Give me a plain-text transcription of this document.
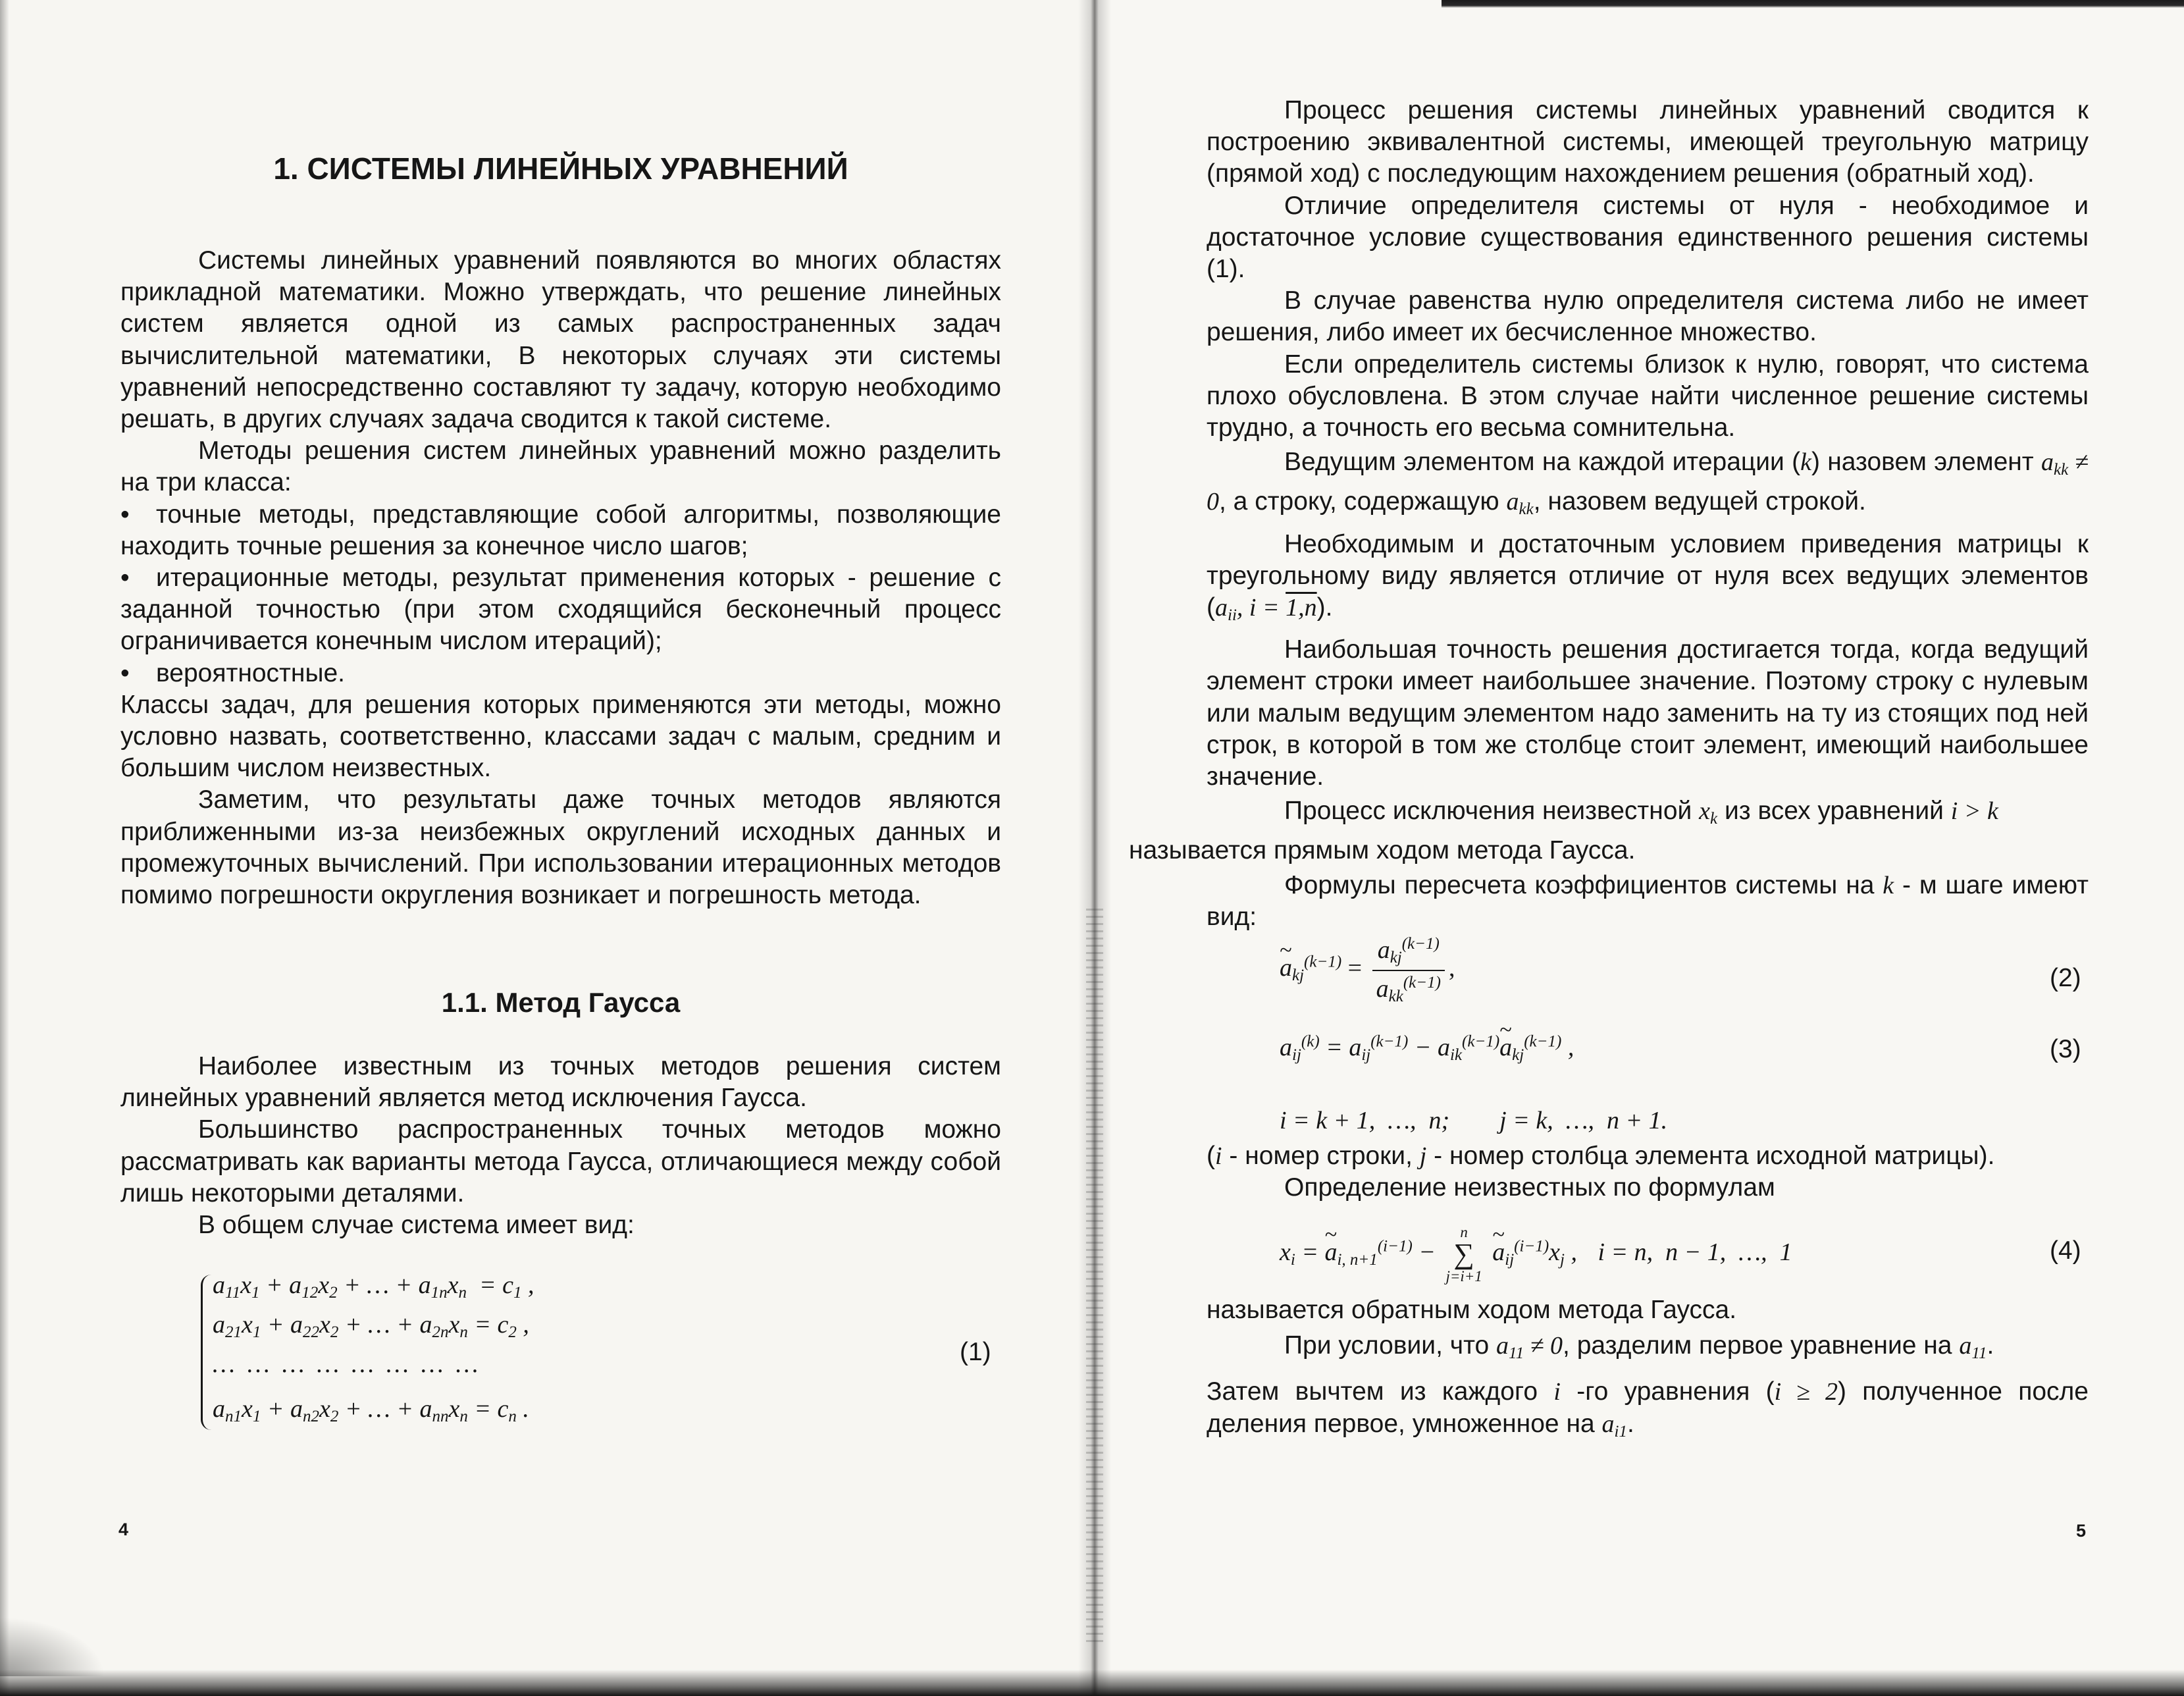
1. СИСТЕМЫ ЛИНЕЙНЫХ УРАВНЕНИЙ

Системы линейных уравнений появляются во многих областях прикладной математики. Можно утверждать, что решение линейных систем является одной из самых распространенных задач вычислительной математики, В некоторых случаях эти системы уравнений непосредственно составляют ту задачу, которую необходимо решать, в других случаях задача сводится к такой системе.

Методы решения систем линейных уравнений можно разделить на три класса:

• точные методы, представляющие собой алгоритмы, позволяющие находить точные решения за конечное число шагов;

• итерационные методы, результат применения которых - решение с заданной точностью (при этом сходящийся бесконечный процесс ограничивается конечным числом итераций);

• вероятностные.

Классы задач, для решения которых применяются эти методы, можно условно назвать, соответственно, классами задач с малым, средним и большим числом неизвестных.

Заметим, что результаты даже точных методов являются приближенными из-за неизбежных округлений исходных данных и промежуточных вычислений. При использовании итерационных методов помимо погрешности округления возникает и погрешность метода.

1.1. Метод Гаусса

Наиболее известным из точных методов решения систем линейных уравнений является метод исключения Гаусса.

Большинство распространенных точных методов можно рассматривать как варианты метода Гаусса, отличающиеся между собой лишь некоторыми деталями.

В общем случае система имеет вид:

$a_{11}x_1 + a_{12}x_2$ + … + $a_{1n}x_n = c_1$ ,
$a_{21}x_1 + a_{22}x_2$ + … + $a_{2n}x_n = c_2$ ,
…  …  …  …  …  …  …  …
$a_{n1}x_1 + a_{n2}x_2$ + … + $a_{nn}x_n = c_n$ .
(1)
4

Процесс решения системы линейных уравнений сводится к построению эквивалентной системы, имеющей треугольную матрицу (прямой ход) с последующим нахождением решения (обратный ход).

Отличие определителя системы от нуля - необходимое и достаточное условие существования единственного решения системы (1).

В случае равенства нулю определителя система либо не имеет решения, либо имеет их бесчисленное множество.

Если определитель системы близок к нулю, говорят, что система плохо обусловлена. В этом случае найти численное решение системы трудно, а точность его весьма сомнительна.

Ведущим элементом на каждой итерации (k) назовем элемент $a_{kk} \ne 0$, а строку, содержащую $a_{kk}$, назовем ведущей строкой.

Необходимым и достаточным условием приведения матрицы к треугольному виду является отличие от нуля всех ведущих элементов ($a_{ii}$, i = 1,n).

Наибольшая точность решения достигается тогда, когда ведущий элемент строки имеет наибольшее значение. Поэтому строку с нулевым или малым ведущим элементом надо заменить на ту из стоящих под ней строк, в которой в том же столбце стоит элемент, имеющий наибольшее значение.

Процесс исключения неизвестной $x_k$ из всех уравнений i > k
называется прямым ходом метода Гаусса.

Формулы пересчета коэффициентов системы на k - м шаге имеют вид:

~ $a_{kj}^{(k-1)} = \frac{a_{kj}^{(k-1)}}{a_{kk}^{(k-1)}}$ ,	(2)
$a_{ij}^{(k)} = a_{ij}^{(k-1)}$ − $a_{ik}^{(k-1)}\sim$ $a_{kj}^{(k-1)}$ ,	(3)
i = k + 1,  …,  n;        j = k,  …,  n + 1.

(i - номер строки, j - номер столбца элемента исходной матрицы).

Определение неизвестных по формулам

$x_i$ = ~ $a_{i, n+1}^{(i-1)}$ −
n
∑
j=i+1
~ $a_{ij}^{(i-1)}x_j$ , i = n,  n − 1,  …,  1	(4)

называется обратным ходом метода Гаусса.

При условии, что $a_{11} \ne 0$, разделим первое уравнение на $a_{11}$.

Затем вычтем из каждого i -го уравнения (i ≥ 2) полученное после деления первое, умноженное на $a_{i1}$.

5
